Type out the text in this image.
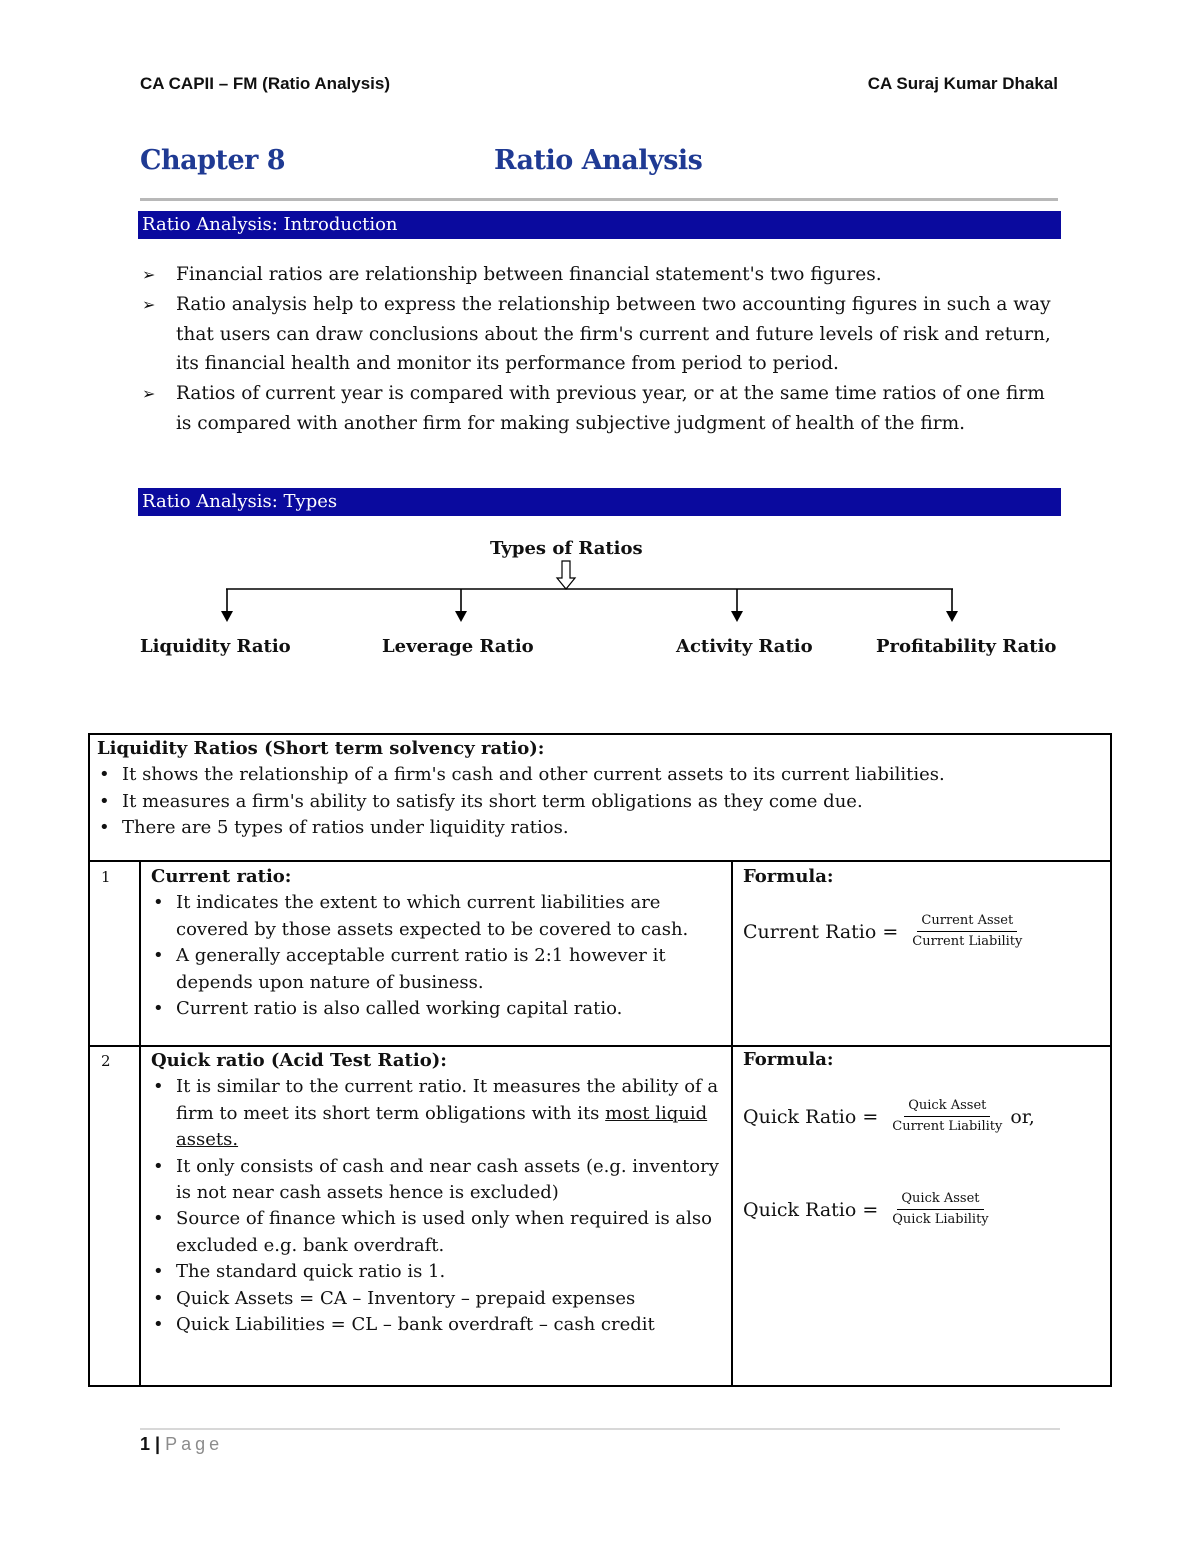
CA CAPII – FM (Ratio Analysis)	CA Suraj Kumar Dhakal
Chapter 8	Ratio Analysis
Ratio Analysis: Introduction
➢ Financial ratios are relationship between financial statement's two figures.
➢ Ratio analysis help to express the relationship between two accounting figures in such a way that users can draw conclusions about the firm's current and future levels of risk and return, its financial health and monitor its performance from period to period.
➢ Ratios of current year is compared with previous year, or at the same time ratios of one firm is compared with another firm for making subjective judgment of health of the firm.
Ratio Analysis: Types
Types of Ratios
Liquidity Ratio	Leverage Ratio	Activity Ratio	Profitability Ratio
Liquidity Ratios (Short term solvency ratio):
• It shows the relationship of a firm's cash and other current assets to its current liabilities.
• It measures a firm's ability to satisfy its short term obligations as they come due.
• There are 5 types of ratios under liquidity ratios.
1 Current ratio:
• It indicates the extent to which current liabilities are covered by those assets expected to be covered to cash.
• A generally acceptable current ratio is 2:1 however it depends upon nature of business.
• Current ratio is also called working capital ratio.
Formula:
Current Ratio = $\frac{\text{Current Asset}}{\text{Current Liability}}$
2 Quick ratio (Acid Test Ratio):
• It is similar to the current ratio. It measures the ability of a firm to meet its short term obligations with its most liquid assets.
• It only consists of cash and near cash assets (e.g. inventory is not near cash assets hence is excluded)
• Source of finance which is used only when required is also excluded e.g. bank overdraft.
• The standard quick ratio is 1.
• Quick Assets = CA – Inventory – prepaid expenses
• Quick Liabilities = CL – bank overdraft – cash credit
Formula:
Quick Ratio = $\frac{\text{Quick Asset}}{\text{Current Liability}}$ or,
Quick Ratio = $\frac{\text{Quick Asset}}{\text{Quick Liability}}$
1 | Page
